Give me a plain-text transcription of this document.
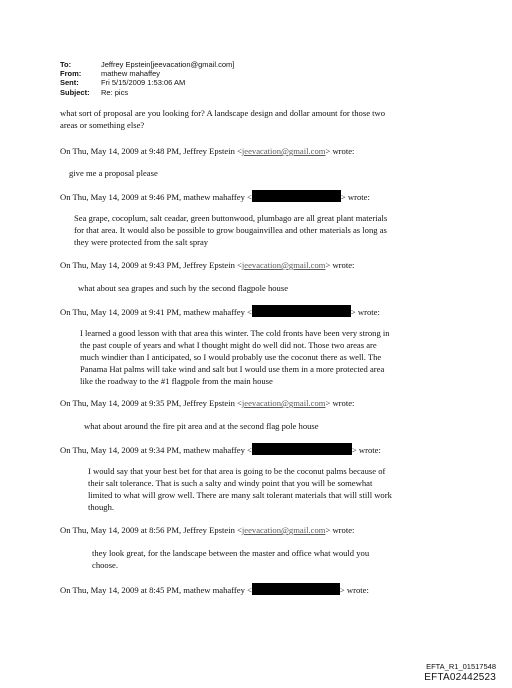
To:	Jeffrey Epstein[jeevacation@gmail.com]
From:	mathew mahaffey
Sent:	Fri 5/15/2009 1:53:06 AM
Subject:	Re: pics
what sort of proposal are you looking for? A landscape design and dollar amount for those two
areas or something else?
On Thu, May 14, 2009 at 9:48 PM, Jeffrey Epstein <jeevacation@gmail.com> wrote:
give me a proposal please
On Thu, May 14, 2009 at 9:46 PM, mathew mahaffey <	> wrote:
Sea grape, cocoplum, salt ceadar, green buttonwood, plumbago are all great plant materials
for that area. It would also be possible to grow bougainvillea and other materials as long as
they were protected from the salt spray
On Thu, May 14, 2009 at 9:43 PM, Jeffrey Epstein <jeevacation@gmail.com> wrote:
what about sea grapes and such by the second flagpole house
On Thu, May 14, 2009 at 9:41 PM, mathew mahaffey <	> wrote:
I learned a good lesson with that area this winter. The cold fronts have been very strong in
the past couple of years and what I thought might do well did not. Those two areas are
much windier than I anticipated, so I would probably use the coconut there as well. The
Panama Hat palms will take wind and salt but I would use them in a more protected area
like the roadway to the #1 flagpole from the main house
On Thu, May 14, 2009 at 9:35 PM, Jeffrey Epstein <jeevacation@gmail.com> wrote:
what about around the fire pit area and at the second flag pole house
On Thu, May 14, 2009 at 9:34 PM, mathew mahaffey <	> wrote:
I would say that your best bet for that area is going to be the coconut palms because of
their salt tolerance. That is such a salty and windy point that you will be somewhat
limited to what will grow well. There are many salt tolerant materials that will still work
though.
On Thu, May 14, 2009 at 8:56 PM, Jeffrey Epstein <jeevacation@gmail.com> wrote:
they look great, for the landscape between the master and office what would you
choose.
On Thu, May 14, 2009 at 8:45 PM, mathew mahaffey <	> wrote:
EFTA_R1_01517548
EFTA02442523
